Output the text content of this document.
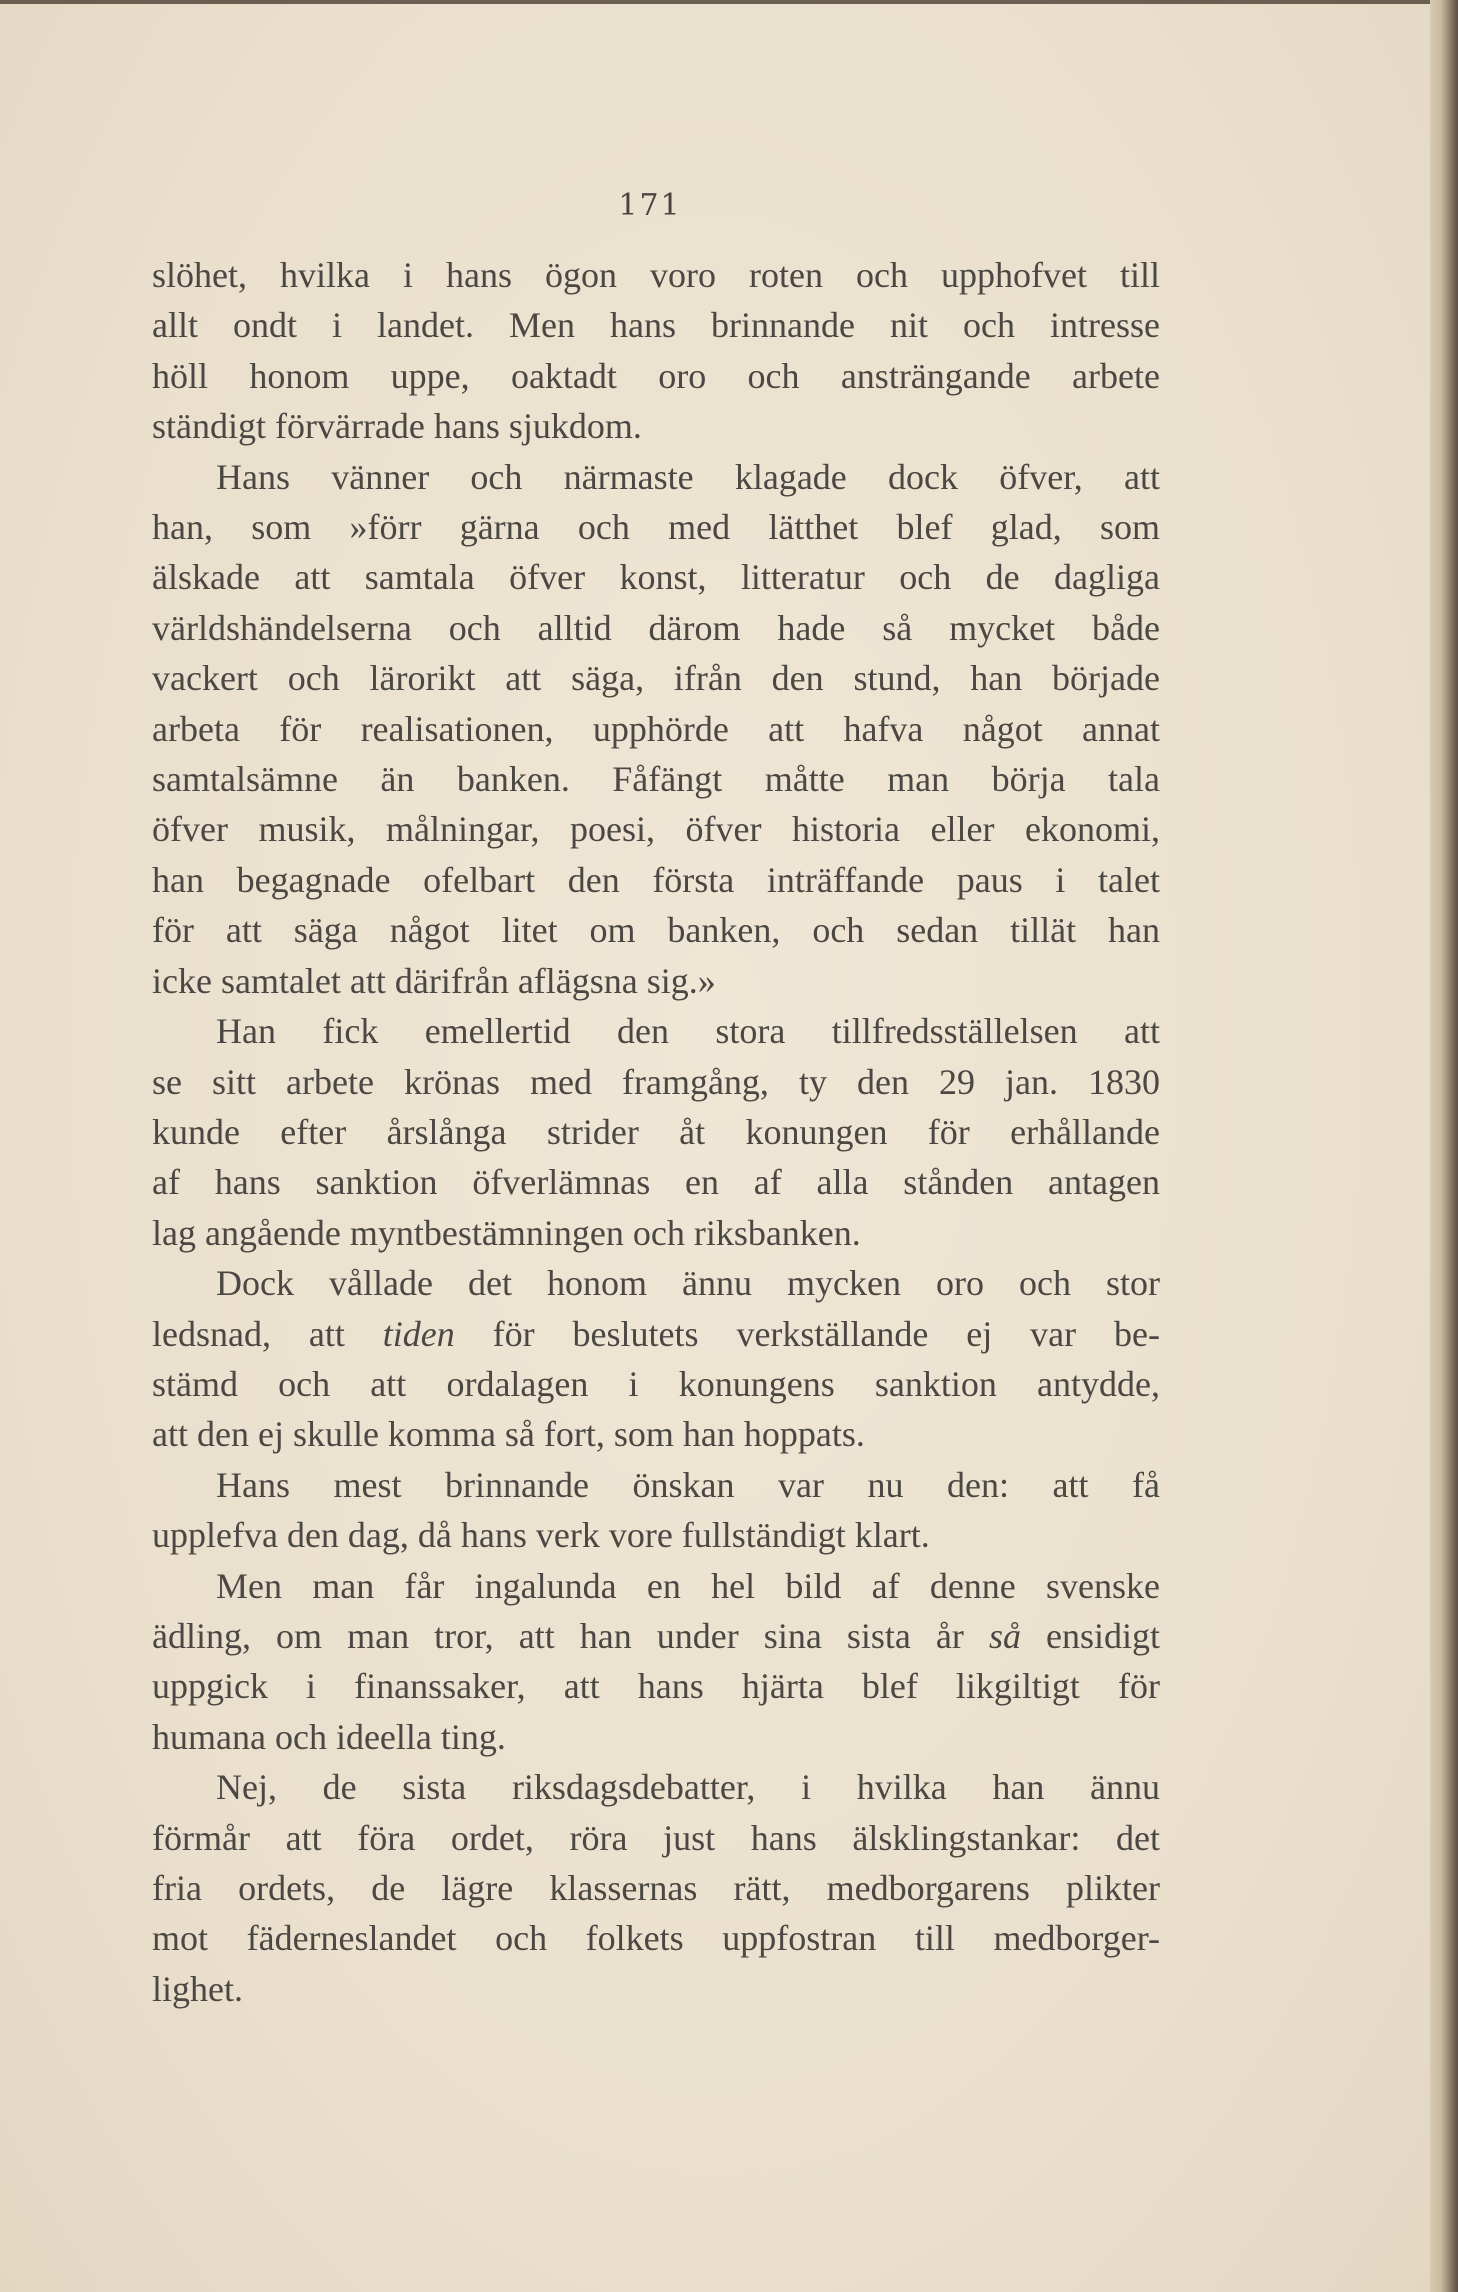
171
slöhet, hvilka i hans ögon voro roten och upphofvet till
allt ondt i landet. Men hans brinnande nit och intresse
höll honom uppe, oaktadt oro och ansträngande arbete
ständigt förvärrade hans sjukdom.
Hans vänner och närmaste klagade dock öfver, att
han, som »förr gärna och med lätthet blef glad, som
älskade att samtala öfver konst, litteratur och de dagliga
världshändelserna och alltid därom hade så mycket både
vackert och lärorikt att säga, ifrån den stund, han började
arbeta för realisationen, upphörde att hafva något annat
samtalsämne än banken. Fåfängt måtte man börja tala
öfver musik, målningar, poesi, öfver historia eller ekonomi,
han begagnade ofelbart den första inträffande paus i talet
för att säga något litet om banken, och sedan tillät han
icke samtalet att därifrån aflägsna sig.»
Han fick emellertid den stora tillfredsställelsen att
se sitt arbete krönas med framgång, ty den 29 jan. 1830
kunde efter årslånga strider åt konungen för erhållande
af hans sanktion öfverlämnas en af alla stånden antagen
lag angående myntbestämningen och riksbanken.
Dock vållade det honom ännu mycken oro och stor
ledsnad, att tiden för beslutets verkställande ej var be-
stämd och att ordalagen i konungens sanktion antydde,
att den ej skulle komma så fort, som han hoppats.
Hans mest brinnande önskan var nu den: att få
upplefva den dag, då hans verk vore fullständigt klart.
Men man får ingalunda en hel bild af denne svenske
ädling, om man tror, att han under sina sista år så ensidigt
uppgick i finanssaker, att hans hjärta blef likgiltigt för
humana och ideella ting.
Nej, de sista riksdagsdebatter, i hvilka han ännu
förmår att föra ordet, röra just hans älsklingstankar: det
fria ordets, de lägre klassernas rätt, medborgarens plikter
mot fäderneslandet och folkets uppfostran till medborger-
lighet.
